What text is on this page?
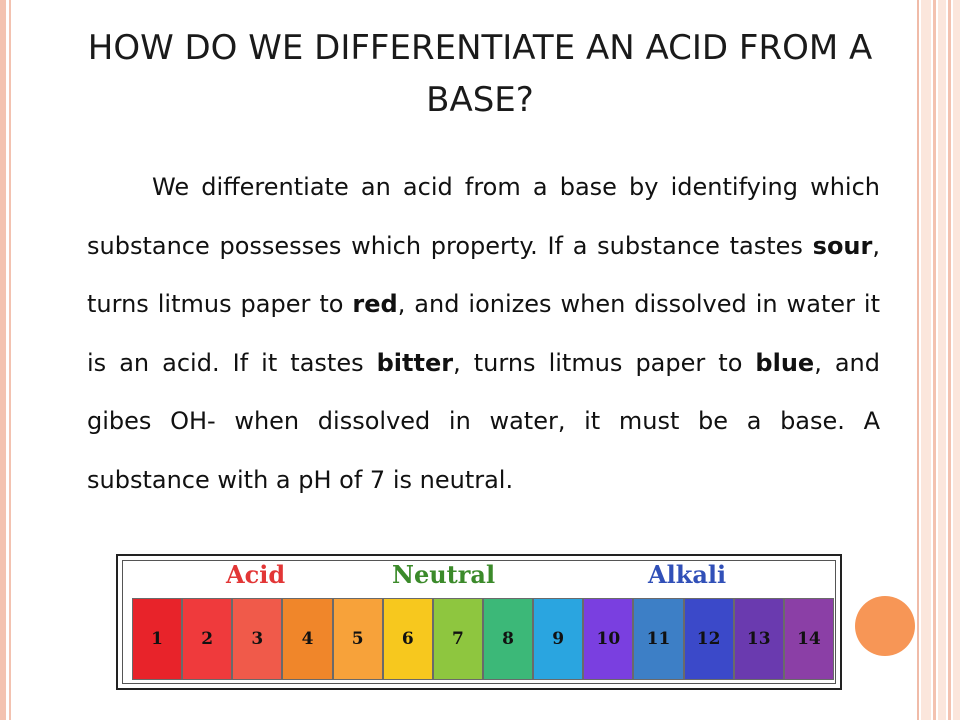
HOW DO WE DIFFERENTIATE AN ACID FROM A BASE?

We differentiate an acid from a base by identifying which substance possesses which property. If a substance tastes sour, turns litmus paper to red, and ionizes when dissolved in water it is an acid. If it tastes bitter, turns litmus paper to blue, and gibes OH- when dissolved in water, it must be a base. A substance with a pH of 7 is neutral.

Acid	Neutral	Alkali
1	2	3	4	5	6	7	8	9	10	11	12	13	14
